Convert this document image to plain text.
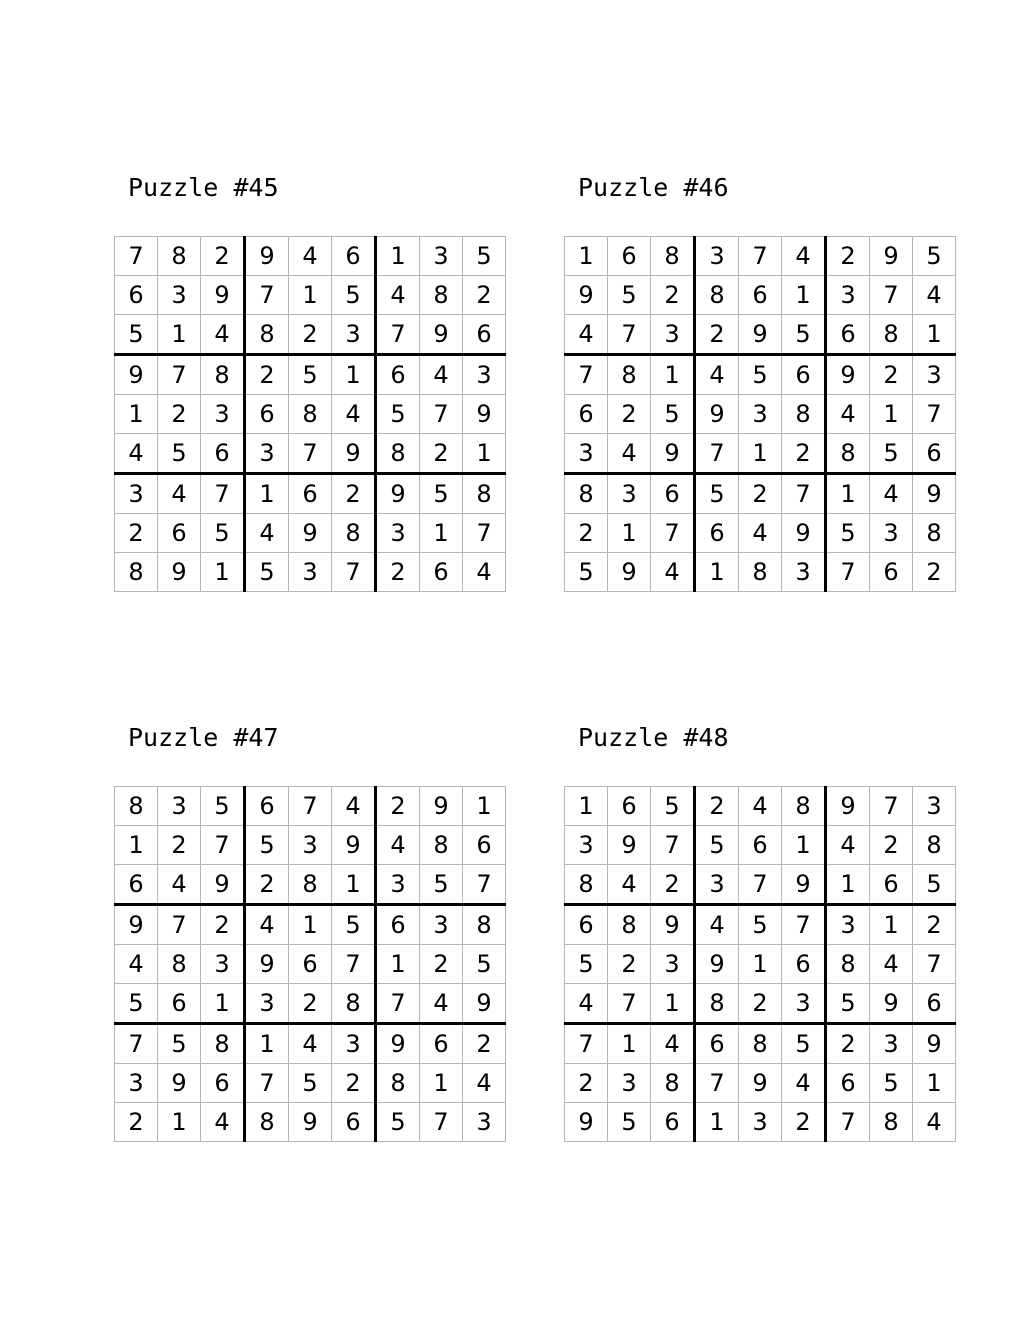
Puzzle #45
7	8	2	9	4	6	1	3	5
6	3	9	7	1	5	4	8	2
5	1	4	8	2	3	7	9	6
9	7	8	2	5	1	6	4	3
1	2	3	6	8	4	5	7	9
4	5	6	3	7	9	8	2	1
3	4	7	1	6	2	9	5	8
2	6	5	4	9	8	3	1	7
8	9	1	5	3	7	2	6	4
Puzzle #46
1	6	8	3	7	4	2	9	5
9	5	2	8	6	1	3	7	4
4	7	3	2	9	5	6	8	1
7	8	1	4	5	6	9	2	3
6	2	5	9	3	8	4	1	7
3	4	9	7	1	2	8	5	6
8	3	6	5	2	7	1	4	9
2	1	7	6	4	9	5	3	8
5	9	4	1	8	3	7	6	2
Puzzle #47
8	3	5	6	7	4	2	9	1
1	2	7	5	3	9	4	8	6
6	4	9	2	8	1	3	5	7
9	7	2	4	1	5	6	3	8
4	8	3	9	6	7	1	2	5
5	6	1	3	2	8	7	4	9
7	5	8	1	4	3	9	6	2
3	9	6	7	5	2	8	1	4
2	1	4	8	9	6	5	7	3
Puzzle #48
1	6	5	2	4	8	9	7	3
3	9	7	5	6	1	4	2	8
8	4	2	3	7	9	1	6	5
6	8	9	4	5	7	3	1	2
5	2	3	9	1	6	8	4	7
4	7	1	8	2	3	5	9	6
7	1	4	6	8	5	2	3	9
2	3	8	7	9	4	6	5	1
9	5	6	1	3	2	7	8	4
